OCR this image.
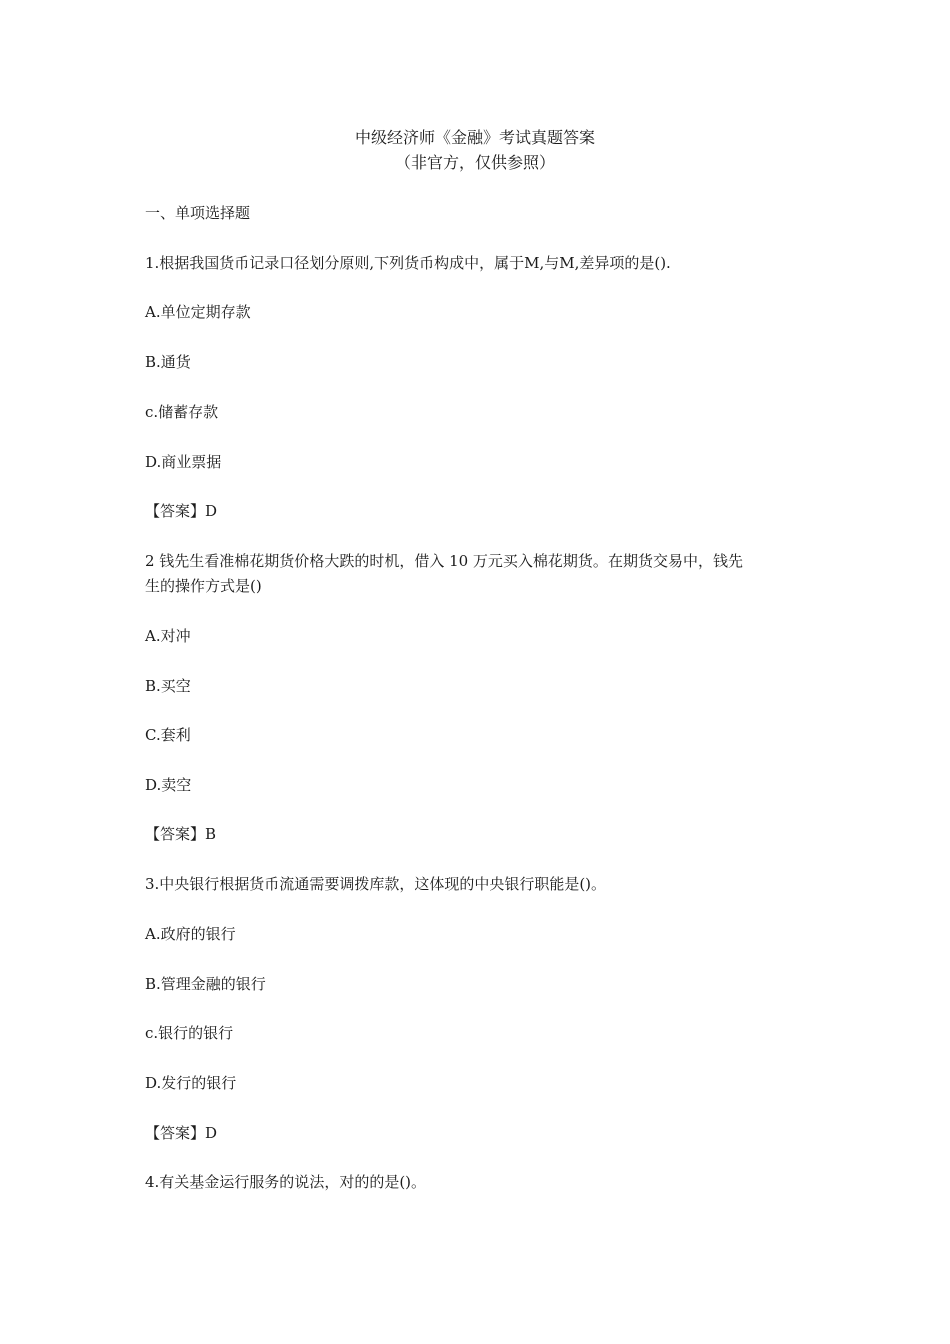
中级经济师《金融》考试真题答案
（非官方，仅供参照）
一、单项选择题
1.根据我国货币记录口径划分原则,下列货币构成中，属于M,与M,差异项的是().
A.单位定期存款
B.通货
c.储蓄存款
D.商业票据
【答案】D
2 钱先生看准棉花期货价格大跌的时机，借入 10 万元买入棉花期货。在期货交易中，钱先
生的操作方式是()
A.对冲
B.买空
C.套利
D.卖空
【答案】B
3.中央银行根据货币流通需要调拨库款，这体现的中央银行职能是()。
A.政府的银行
B.管理金融的银行
c.银行的银行
D.发行的银行
【答案】D
4.有关基金运行服务的说法，对的的是()。
